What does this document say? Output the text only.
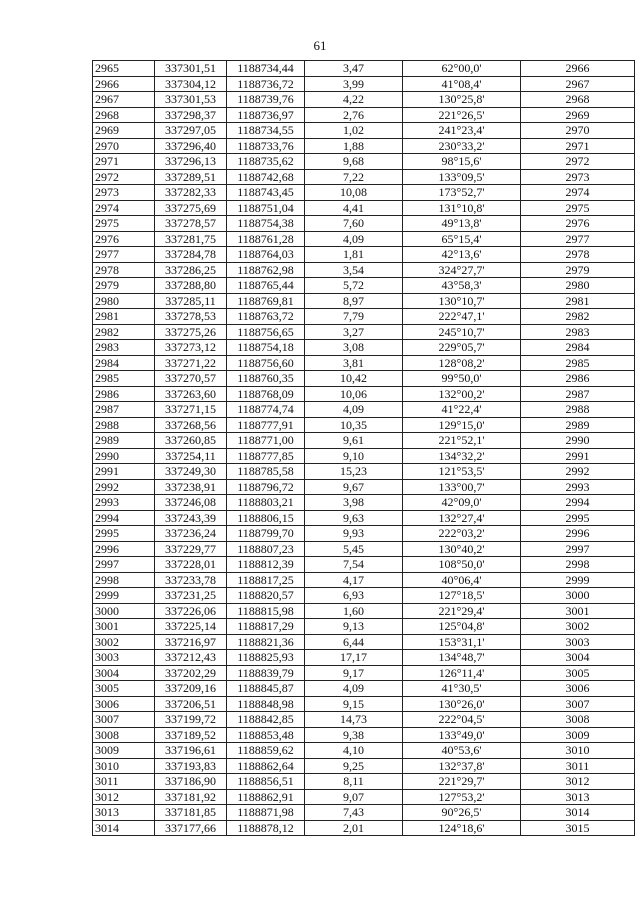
61
2965	337301,51	1188734,44	3,47	62°00,0'	2966
2966	337304,12	1188736,72	3,99	41°08,4'	2967
2967	337301,53	1188739,76	4,22	130°25,8'	2968
2968	337298,37	1188736,97	2,76	221°26,5'	2969
2969	337297,05	1188734,55	1,02	241°23,4'	2970
2970	337296,40	1188733,76	1,88	230°33,2'	2971
2971	337296,13	1188735,62	9,68	98°15,6'	2972
2972	337289,51	1188742,68	7,22	133°09,5'	2973
2973	337282,33	1188743,45	10,08	173°52,7'	2974
2974	337275,69	1188751,04	4,41	131°10,8'	2975
2975	337278,57	1188754,38	7,60	49°13,8'	2976
2976	337281,75	1188761,28	4,09	65°15,4'	2977
2977	337284,78	1188764,03	1,81	42°13,6'	2978
2978	337286,25	1188762,98	3,54	324°27,7'	2979
2979	337288,80	1188765,44	5,72	43°58,3'	2980
2980	337285,11	1188769,81	8,97	130°10,7'	2981
2981	337278,53	1188763,72	7,79	222°47,1'	2982
2982	337275,26	1188756,65	3,27	245°10,7'	2983
2983	337273,12	1188754,18	3,08	229°05,7'	2984
2984	337271,22	1188756,60	3,81	128°08,2'	2985
2985	337270,57	1188760,35	10,42	99°50,0'	2986
2986	337263,60	1188768,09	10,06	132°00,2'	2987
2987	337271,15	1188774,74	4,09	41°22,4'	2988
2988	337268,56	1188777,91	10,35	129°15,0'	2989
2989	337260,85	1188771,00	9,61	221°52,1'	2990
2990	337254,11	1188777,85	9,10	134°32,2'	2991
2991	337249,30	1188785,58	15,23	121°53,5'	2992
2992	337238,91	1188796,72	9,67	133°00,7'	2993
2993	337246,08	1188803,21	3,98	42°09,0'	2994
2994	337243,39	1188806,15	9,63	132°27,4'	2995
2995	337236,24	1188799,70	9,93	222°03,2'	2996
2996	337229,77	1188807,23	5,45	130°40,2'	2997
2997	337228,01	1188812,39	7,54	108°50,0'	2998
2998	337233,78	1188817,25	4,17	40°06,4'	2999
2999	337231,25	1188820,57	6,93	127°18,5'	3000
3000	337226,06	1188815,98	1,60	221°29,4'	3001
3001	337225,14	1188817,29	9,13	125°04,8'	3002
3002	337216,97	1188821,36	6,44	153°31,1'	3003
3003	337212,43	1188825,93	17,17	134°48,7'	3004
3004	337202,29	1188839,79	9,17	126°11,4'	3005
3005	337209,16	1188845,87	4,09	41°30,5'	3006
3006	337206,51	1188848,98	9,15	130°26,0'	3007
3007	337199,72	1188842,85	14,73	222°04,5'	3008
3008	337189,52	1188853,48	9,38	133°49,0'	3009
3009	337196,61	1188859,62	4,10	40°53,6'	3010
3010	337193,83	1188862,64	9,25	132°37,8'	3011
3011	337186,90	1188856,51	8,11	221°29,7'	3012
3012	337181,92	1188862,91	9,07	127°53,2'	3013
3013	337181,85	1188871,98	7,43	90°26,5'	3014
3014	337177,66	1188878,12	2,01	124°18,6'	3015
